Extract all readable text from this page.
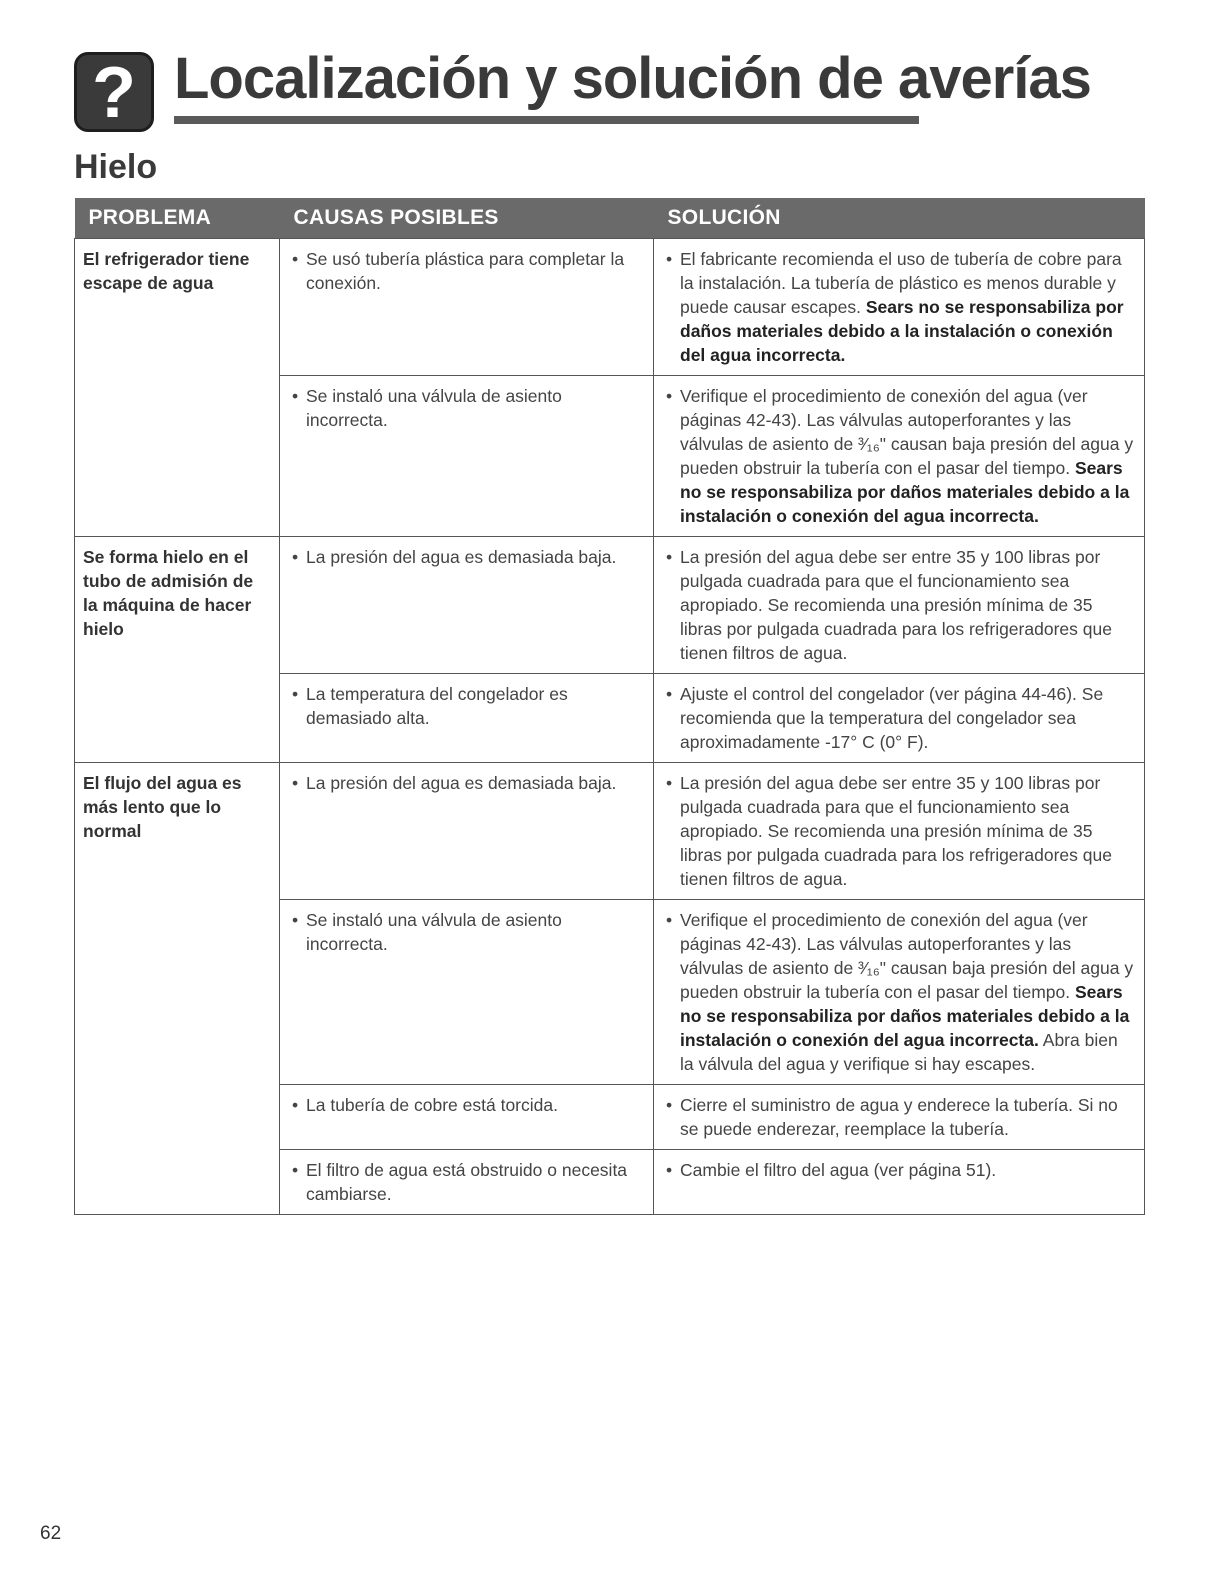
? Localización y solución de averías
Hielo
PROBLEMA	CAUSAS POSIBLES	SOLUCIÓN
El refrigerador tiene escape de agua	• Se usó tubería plástica para completar la conexión.	• El fabricante recomienda el uso de tubería de cobre para la instalación. La tubería de plástico es menos durable y puede causar escapes. Sears no se responsabiliza por daños materiales debido a la instalación o conexión del agua incorrecta.

	• Se instaló una válvula de asiento incorrecta.	• Verifique el procedimiento de conexión del agua (ver páginas 42-43). Las válvulas autoperforantes y las válvulas de asiento de ³⁄₁₆" causan baja presión del agua y pueden obstruir la tubería con el pasar del tiempo. Sears no se responsabiliza por daños materiales debido a la instalación o conexión del agua incorrecta.

Se forma hielo en el tubo de admisión de la máquina de hacer hielo	• La presión del agua es demasiada baja.	• La presión del agua debe ser entre 35 y 100 libras por pulgada cuadrada para que el funcionamiento sea apropiado. Se recomienda una presión mínima de 35 libras por pulgada cuadrada para los refrigeradores que tienen filtros de agua.

	• La temperatura del congelador es demasiado alta.	• Ajuste el control del congelador (ver página 44-46). Se recomienda que la temperatura del congelador sea aproximadamente -17° C (0° F).

El flujo del agua es más lento que lo normal	• La presión del agua es demasiada baja.	• La presión del agua debe ser entre 35 y 100 libras por pulgada cuadrada para que el funcionamiento sea apropiado. Se recomienda una presión mínima de 35 libras por pulgada cuadrada para los refrigeradores que tienen filtros de agua.

	• Se instaló una válvula de asiento incorrecta.	• Verifique el procedimiento de conexión del agua (ver páginas 42-43). Las válvulas autoperforantes y las válvulas de asiento de ³⁄₁₆" causan baja presión del agua y pueden obstruir la tubería con el pasar del tiempo. Sears no se responsabiliza por daños materiales debido a la instalación o conexión del agua incorrecta. Abra bien la válvula del agua y verifique si hay escapes.

	• La tubería de cobre está torcida.	• Cierre el suministro de agua y enderece la tubería. Si no se puede enderezar, reemplace la tubería.

	• El filtro de agua está obstruido o necesita cambiarse.	• Cambie el filtro del agua (ver página 51).
62
